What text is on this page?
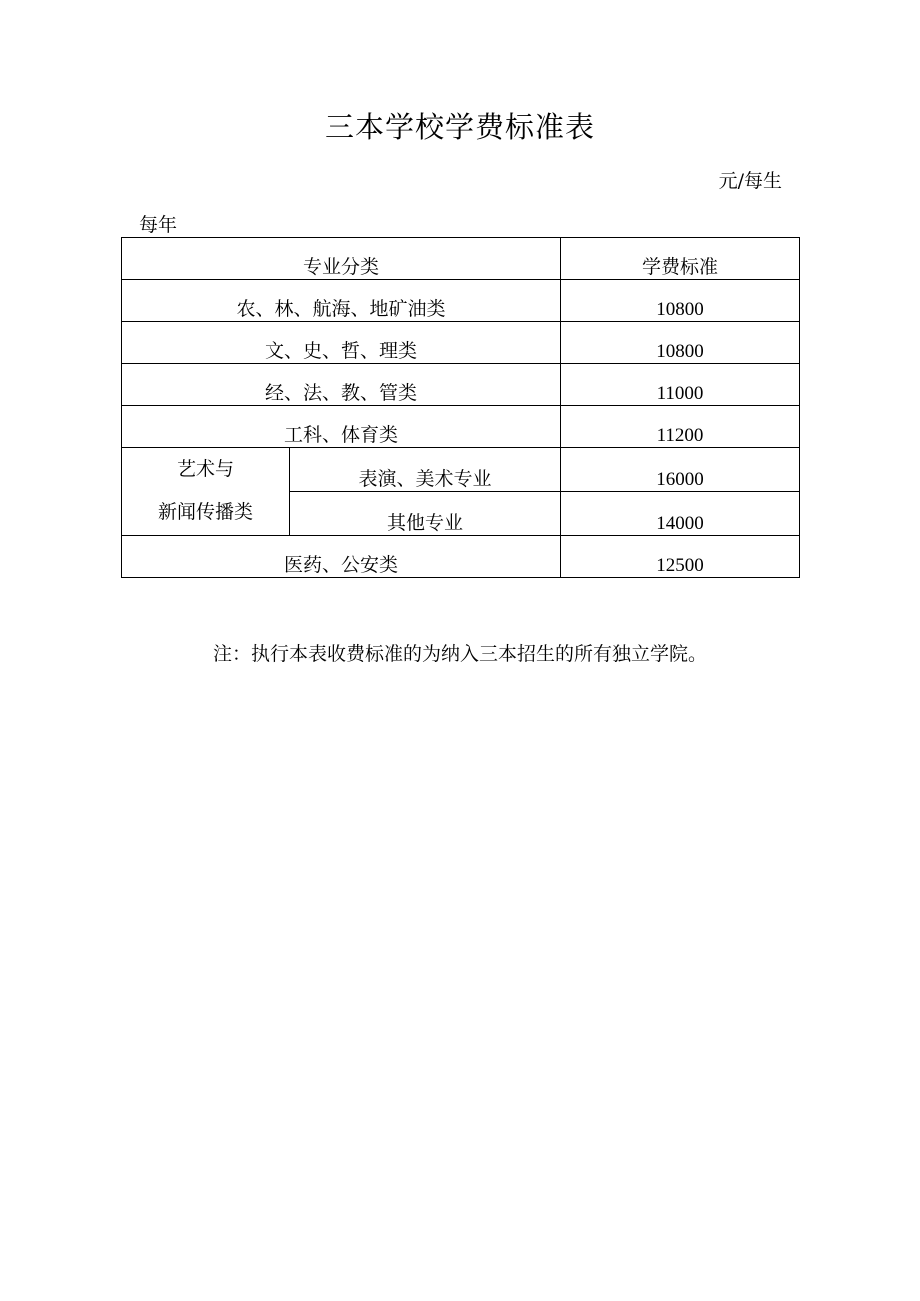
三本学校学费标准表
元/每生
每年
专业分类		学费标准
农、林、航海、地矿油类		10800
文、史、哲、理类		10800
经、法、教、管类		11000
工科、体育类		11200

艺术与
新闻传播类	表演、美术专业	16000
	其他专业	14000
医药、公安类		12500
注：执行本表收费标准的为纳入三本招生的所有独立学院。
